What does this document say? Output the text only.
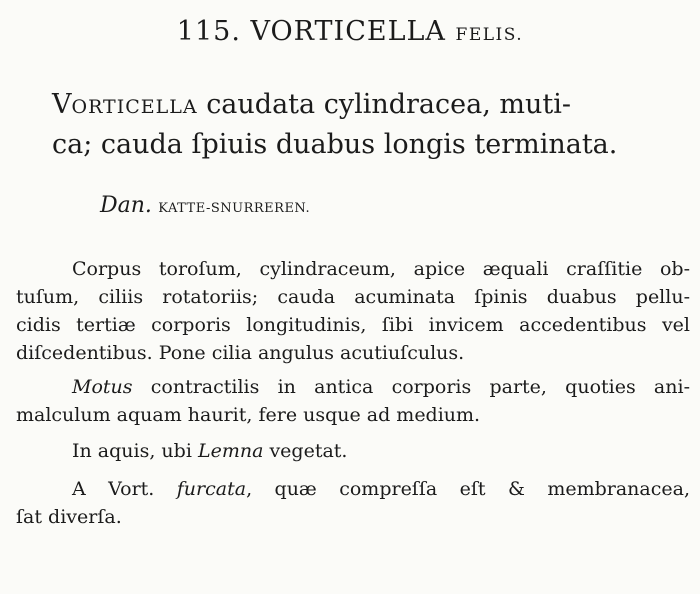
115. VORTICELLA FELIS.
VORTICELLA caudata cylindracea, muti-
ca; cauda ſpiuis duabus longis terminata.
Dan. KATTE-SNURREREN.
Corpus toroſum, cylindraceum, apice æquali craſſitie ob-
tuſum, ciliis rotatoriis; cauda acuminata ſpinis duabus pellu-
cidis tertiæ corporis longitudinis, ſibi invicem accedentibus vel
diſcedentibus. Pone cilia angulus acutiuſculus.
Motus contractilis in antica corporis parte, quoties ani-
malculum aquam haurit, fere usque ad medium.
In aquis, ubi Lemna vegetat.
A Vort. furcata, quæ compreſſa eſt & membranacea,
ſat diverſa.
